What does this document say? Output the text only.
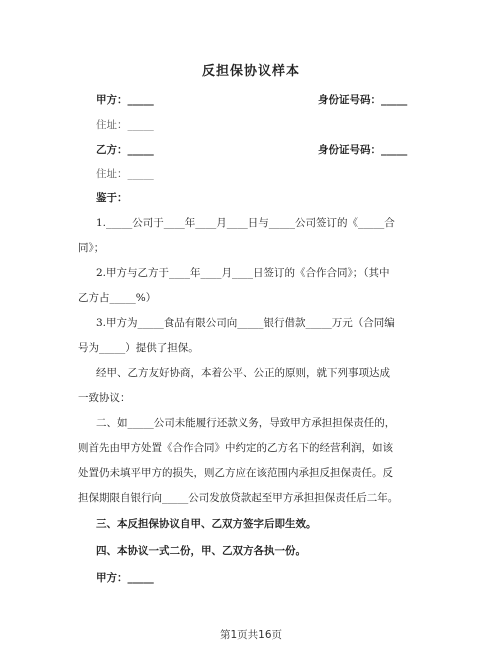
反担保协议样本
甲方：_____	身份证号码：_____
住址：_____
乙方：_____	身份证号码：_____
住址：_____
鉴于：
1._____公司于____年____月____日与_____公司签订的《_____合
同》；
2.甲方与乙方于____年____月____日签订的《合作合同》；（其中
乙方占_____%）
3.甲方为_____食品有限公司向_____银行借款_____万元（合同编
号为_____）提供了担保。
经甲、乙方友好协商，本着公平、公正的原则，就下列事项达成
一致协议：
二、如_____公司未能履行还款义务，导致甲方承担担保责任的，
则首先由甲方处置《合作合同》中约定的乙方名下的经营利润，如该
处置仍未填平甲方的损失，则乙方应在该范围内承担反担保责任。反
担保期限自银行向_____公司发放贷款起至甲方承担担保责任后二年。
三、本反担保协议自甲、乙双方签字后即生效。
四、本协议一式二份，甲、乙双方各执一份。
甲方：_____
第1页共16页
